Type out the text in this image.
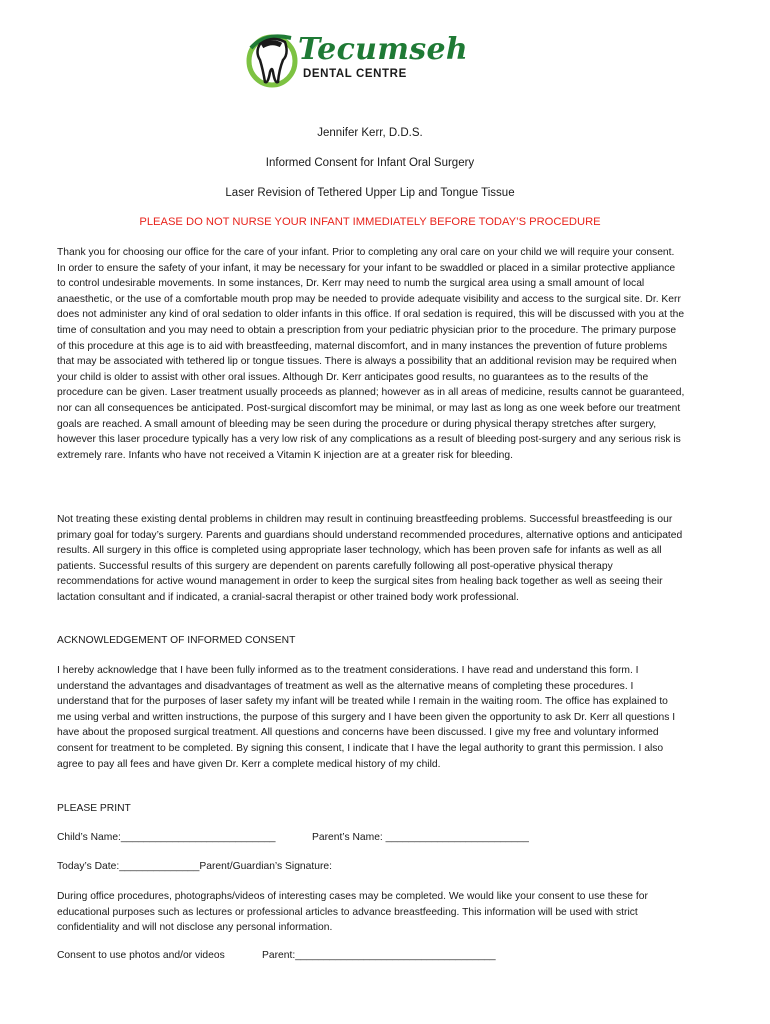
Tecumseh
DENTAL CENTRE
Jennifer Kerr, D.D.S.
Informed Consent for Infant Oral Surgery
Laser Revision of Tethered Upper Lip and Tongue Tissue
PLEASE DO NOT NURSE YOUR INFANT IMMEDIATELY BEFORE TODAY’S PROCEDURE

Thank you for choosing our office for the care of your infant. Prior to completing any oral care on your child we will require your consent. In order to ensure the safety of your infant, it may be necessary for your infant to be swaddled or placed in a similar protective appliance to control undesirable movements. In some instances, Dr. Kerr may need to numb the surgical area using a small amount of local anaesthetic, or the use of a comfortable mouth prop may be needed to provide adequate visibility and access to the surgical site. Dr. Kerr does not administer any kind of oral sedation to older infants in this office. If oral sedation is required, this will be discussed with you at the time of consultation and you may need to obtain a prescription from your pediatric physician prior to the procedure. The primary purpose of this procedure at this age is to aid with breastfeeding, maternal discomfort, and in many instances the prevention of future problems that may be associated with tethered lip or tongue tissues. There is always a possibility that an additional revision may be required when your child is older to assist with other oral issues. Although Dr. Kerr anticipates good results, no guarantees as to the results of the procedure can be given. Laser treatment usually proceeds as planned; however as in all areas of medicine, results cannot be guaranteed, nor can all consequences be anticipated. Post-surgical discomfort may be minimal, or may last as long as one week before our treatment goals are reached. A small amount of bleeding may be seen during the procedure or during physical therapy stretches after surgery, however this laser procedure typically has a very low risk of any complications as a result of bleeding post-surgery and any serious risk is extremely rare. Infants who have not received a Vitamin K injection are at a greater risk for bleeding.

Not treating these existing dental problems in children may result in continuing breastfeeding problems. Successful breastfeeding is our primary goal for today’s surgery. Parents and guardians should understand recommended procedures, alternative options and anticipated results. All surgery in this office is completed using appropriate laser technology, which has been proven safe for infants as well as all patients. Successful results of this surgery are dependent on parents carefully following all post-operative physical therapy recommendations for active wound management in order to keep the surgical sites from healing back together as well as seeing their lactation consultant and if indicated, a cranial-sacral therapist or other trained body work professional.

ACKNOWLEDGEMENT OF INFORMED CONSENT

I hereby acknowledge that I have been fully informed as to the treatment considerations. I have read and understand this form. I understand the advantages and disadvantages of treatment as well as the alternative means of completing these procedures. I understand that for the purposes of laser safety my infant will be treated while I remain in the waiting room. The office has explained to me using verbal and written instructions, the purpose of this surgery and I have been given the opportunity to ask Dr. Kerr all questions I have about the proposed surgical treatment. All questions and concerns have been discussed. I give my free and voluntary informed consent for treatment to be completed. By signing this consent, I indicate that I have the legal authority to grant this permission. I also agree to pay all fees and have given Dr. Kerr a complete medical history of my child.

PLEASE PRINT
Child’s Name:___________________________	Parent’s Name: _________________________
Today’s Date:______________Parent/Guardian’s Signature:

During office procedures, photographs/videos of interesting cases may be completed. We would like your consent to use these for educational purposes such as lectures or professional articles to advance breastfeeding. This information will be used with strict confidentiality and will not disclose any personal information.

Consent to use photos and/or videos	Parent:___________________________________
